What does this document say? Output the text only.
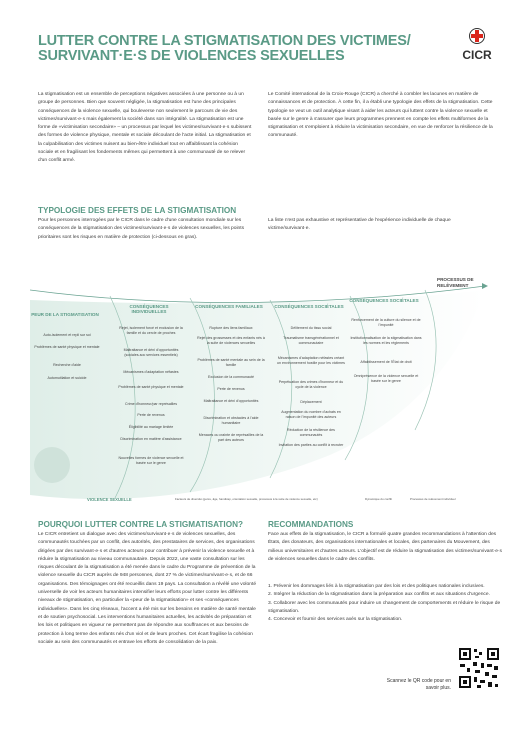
LUTTER CONTRE LA STIGMATISATION DES VICTIMES/
SURVIVANT·E·S DE VIOLENCES SEXUELLES	CICR
La stigmatisation est un ensemble de perceptions négatives associées à une personne ou à un groupe de personnes. Bien que souvent négligée, la stigmatisation est l'une des principales conséquences de la violence sexuelle, qui bouleverse non seulement le parcours de vie des victimes/survivant·e·s mais également la société dans son intégralité. La stigmatisation est une forme de «victimisation secondaire» – un processus par lequel les victimes/survivant·e·s subissent des formes de violence physique, mentale et sociale découlant de l'acte initial. La stigmatisation et la culpabilisation des victimes nuisent au bien-être individuel tout en affaiblissant la cohésion sociale et en fragilisant les fondements mêmes qui permettent à une communauté de se relever d'un conflit armé.
Le Comité international de la Croix-Rouge (CICR) a cherché à combler les lacunes en matière de connaissances et de protection. À cette fin, il a établi une typologie des effets de la stigmatisation. Cette typologie se veut un outil analytique visant à aider les acteurs qui luttent contre la violence sexuelle et basée sur le genre à s'assurer que leurs programmes prennent en compte les effets multiformes de la stigmatisation et s'emploient à réduire la victimisation secondaire, en vue de renforcer la résilience de la communauté.
TYPOLOGIE DES EFFETS DE LA STIGMATISATION
Pour les personnes interrogées par le CICR dans le cadre d'une consultation mondiale sur les conséquences de la stigmatisation des victimes/survivant·e·s de violences sexuelles, les points prioritaires sont les risques en matière de protection (ci-dessous en gras).
La liste n'est pas exhaustive et représentative de l'expérience individuelle de chaque victime/survivant·e.
PEUR DE LA STIGMATISATION
Auto-isolement et repli sur soi
Problèmes de santé physique et mentale
Recherche d'aide
Automutilation et suicide
CONSÉQUENCES INDIVIDUELLES
Rejet, isolement forcé et exclusion de la famille et du cercle de proches
Maltraitance et déni d'opportunités (sociales-soc services essentiels)
Mécanismes d'adaptation néfastes
Problèmes de santé physique et mentale
Crime d'honneur/par représailles
Perte de revenus
Éligibilité au mariage limitée
Discrimination en matière d'assistance
Nouvelles formes de violence sexuelle et basée sur le genre
CONSÉQUENCES FAMILIALES
Rupture des liens familiaux
Rejet des grossesses et des enfants nés à la suite de violences sexuelles
Problèmes de santé mentale au sein de la famille
Exclusion de la communauté
Perte de revenus
Maltraitance et déni d'opportunités
Discrimination et obstacles à l'aide humanitaire
Menaces ou crainte de représailles de la part des auteurs
CONSÉQUENCES SOCIÉTALES
Délitement du tissu social
Traumatisme transgénérationnel et communautaire
Mécanismes d'adaptation néfastes créant un environnement hostile pour les victimes
Perpétuation des crimes d'honneur et du cycle de la violence
Déplacement
Augmentation du nombre d'achats en raison de l'impunité des auteurs
Réduction de la résilience des communautés
Invitation des parties au conflit à recruter
CONSÉQUENCES SOCIÉTALES
Renforcement de la culture du silence et de l'impunité
Institutionnalisation de la stigmatisation dans les normes et les règlements
Affaiblissement de l'État de droit
Omniprésence de la violence sexuelle et basée sur le genre
PROCESSUS DE RELÈVEMENT
VIOLENCE SEXUELLE	Facteurs de diversité (genre, âge, handicap, orientation sexuelle, processus à la suite de violence sexuelle, etc)	Dynamique du conflit	Processus de relèvement individuel
POURQUOI LUTTER CONTRE LA STIGMATISATION?
Le CICR entretient un dialogue avec des victimes/survivant·e·s de violences sexuelles, des communautés touchées par un conflit, des autorités, des prestataires de services, des organisations dirigées par des survivant·e·s et d'autres acteurs pour contribuer à prévenir la violence sexuelle et à réduire la stigmatisation au niveau communautaire. Depuis 2022, une vaste consultation sur les risques découlant de la stigmatisation a été menée dans le cadre du Programme de prévention de la violence sexuelle du CICR auprès de 948 personnes, dont 27 % de victimes/survivant·e·s, et de 66 organisations. Des témoignages ont été recueillis dans 19 pays. La consultation a révélé une volonté universelle de voir les acteurs humanitaires intensifier leurs efforts pour lutter contre les différents niveaux de stigmatisation, en particulier la «peur de la stigmatisation» et ses «conséquences individuelles». Dans les cinq réseaux, l'accent a été mis sur les besoins en matière de santé mentale et de soutien psychosocial. Les interventions humanitaires actuelles, les activités de préparation et les lois et politiques en vigueur ne permettent pas de répondre aux souffrances et aux besoins de protection à long terme des enfants nés d'un viol et de leurs proches. Cet écart fragilise la cohésion sociale au sein des communautés et entrave les efforts de consolidation de la paix.
RECOMMANDATIONS
Face aux effets de la stigmatisation, le CICR a formulé quatre grandes recommandations à l'attention des États, des donateurs, des organisations internationales et locales, des partenaires du Mouvement, des milieux universitaires et d'autres acteurs. L'objectif est de réduire la stigmatisation des victimes/survivant·e·s de violences sexuelles dans le cadre des conflits.
1. Prévenir les dommages liés à la stigmatisation par des lois et des politiques nationales inclusives.
2. Intégrer la réduction de la stigmatisation dans la préparation aux conflits et aux situations d'urgence.
3. Collaborer avec les communautés pour induire un changement de comportements et réduire le risque de stigmatisation.
4. Concevoir et fournir des services axés sur la stigmatisation.
Scannez le QR code pour en savoir plus.
